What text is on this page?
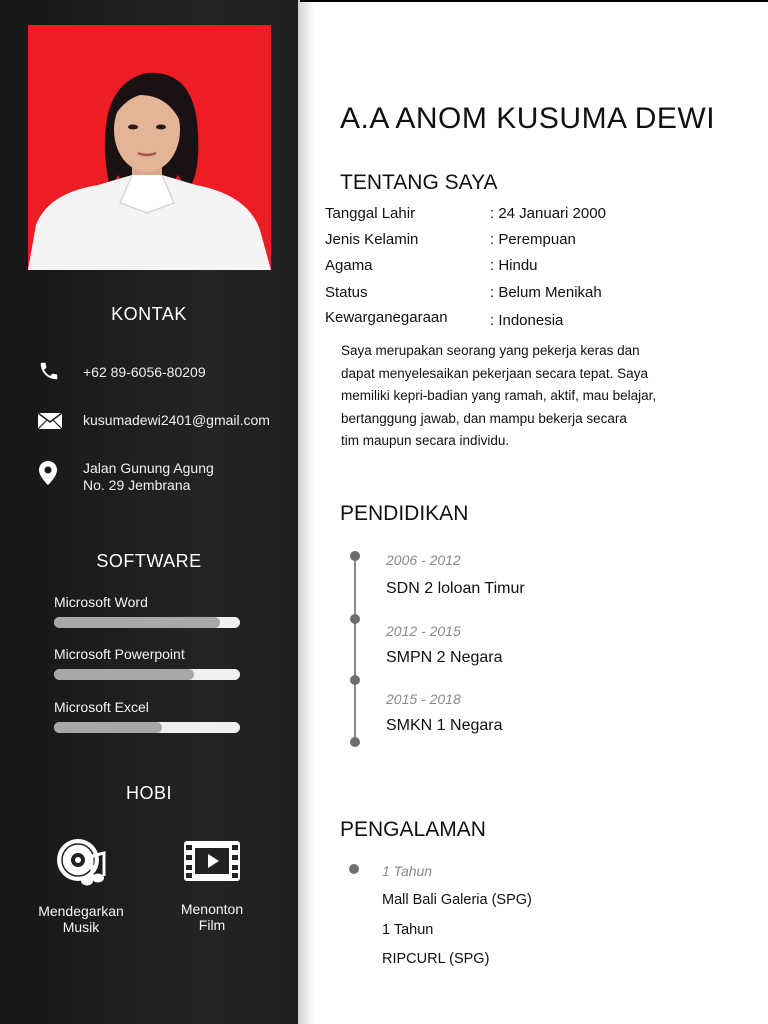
KONTAK
+62 89-6056-80209
kusumadewi2401@gmail.com
Jalan Gunung Agung
No. 29 Jembrana
SOFTWARE
Microsoft Word
Microsoft Powerpoint
Microsoft Excel
HOBI
Mendegarkan
Musik
Menonton
Film
A.A ANOM KUSUMA DEWI
TENTANG SAYA
Tanggal Lahir	: 24 Januari 2000
Jenis Kelamin	: Perempuan
Agama	: Hindu
Status	: Belum Menikah
Kewarganegaraan	: Indonesia
Saya merupakan seorang yang pekerja keras dan
dapat menyelesaikan pekerjaan secara tepat. Saya
memiliki kepri-badian yang ramah, aktif, mau belajar,
bertanggung jawab, dan mampu bekerja secara
tim maupun secara individu.
PENDIDIKAN
2006 - 2012
SDN 2 loloan Timur
2012 - 2015
SMPN 2 Negara
2015 - 2018
SMKN 1 Negara
PENGALAMAN
1 Tahun
Mall Bali Galeria (SPG)
1 Tahun
RIPCURL (SPG)
